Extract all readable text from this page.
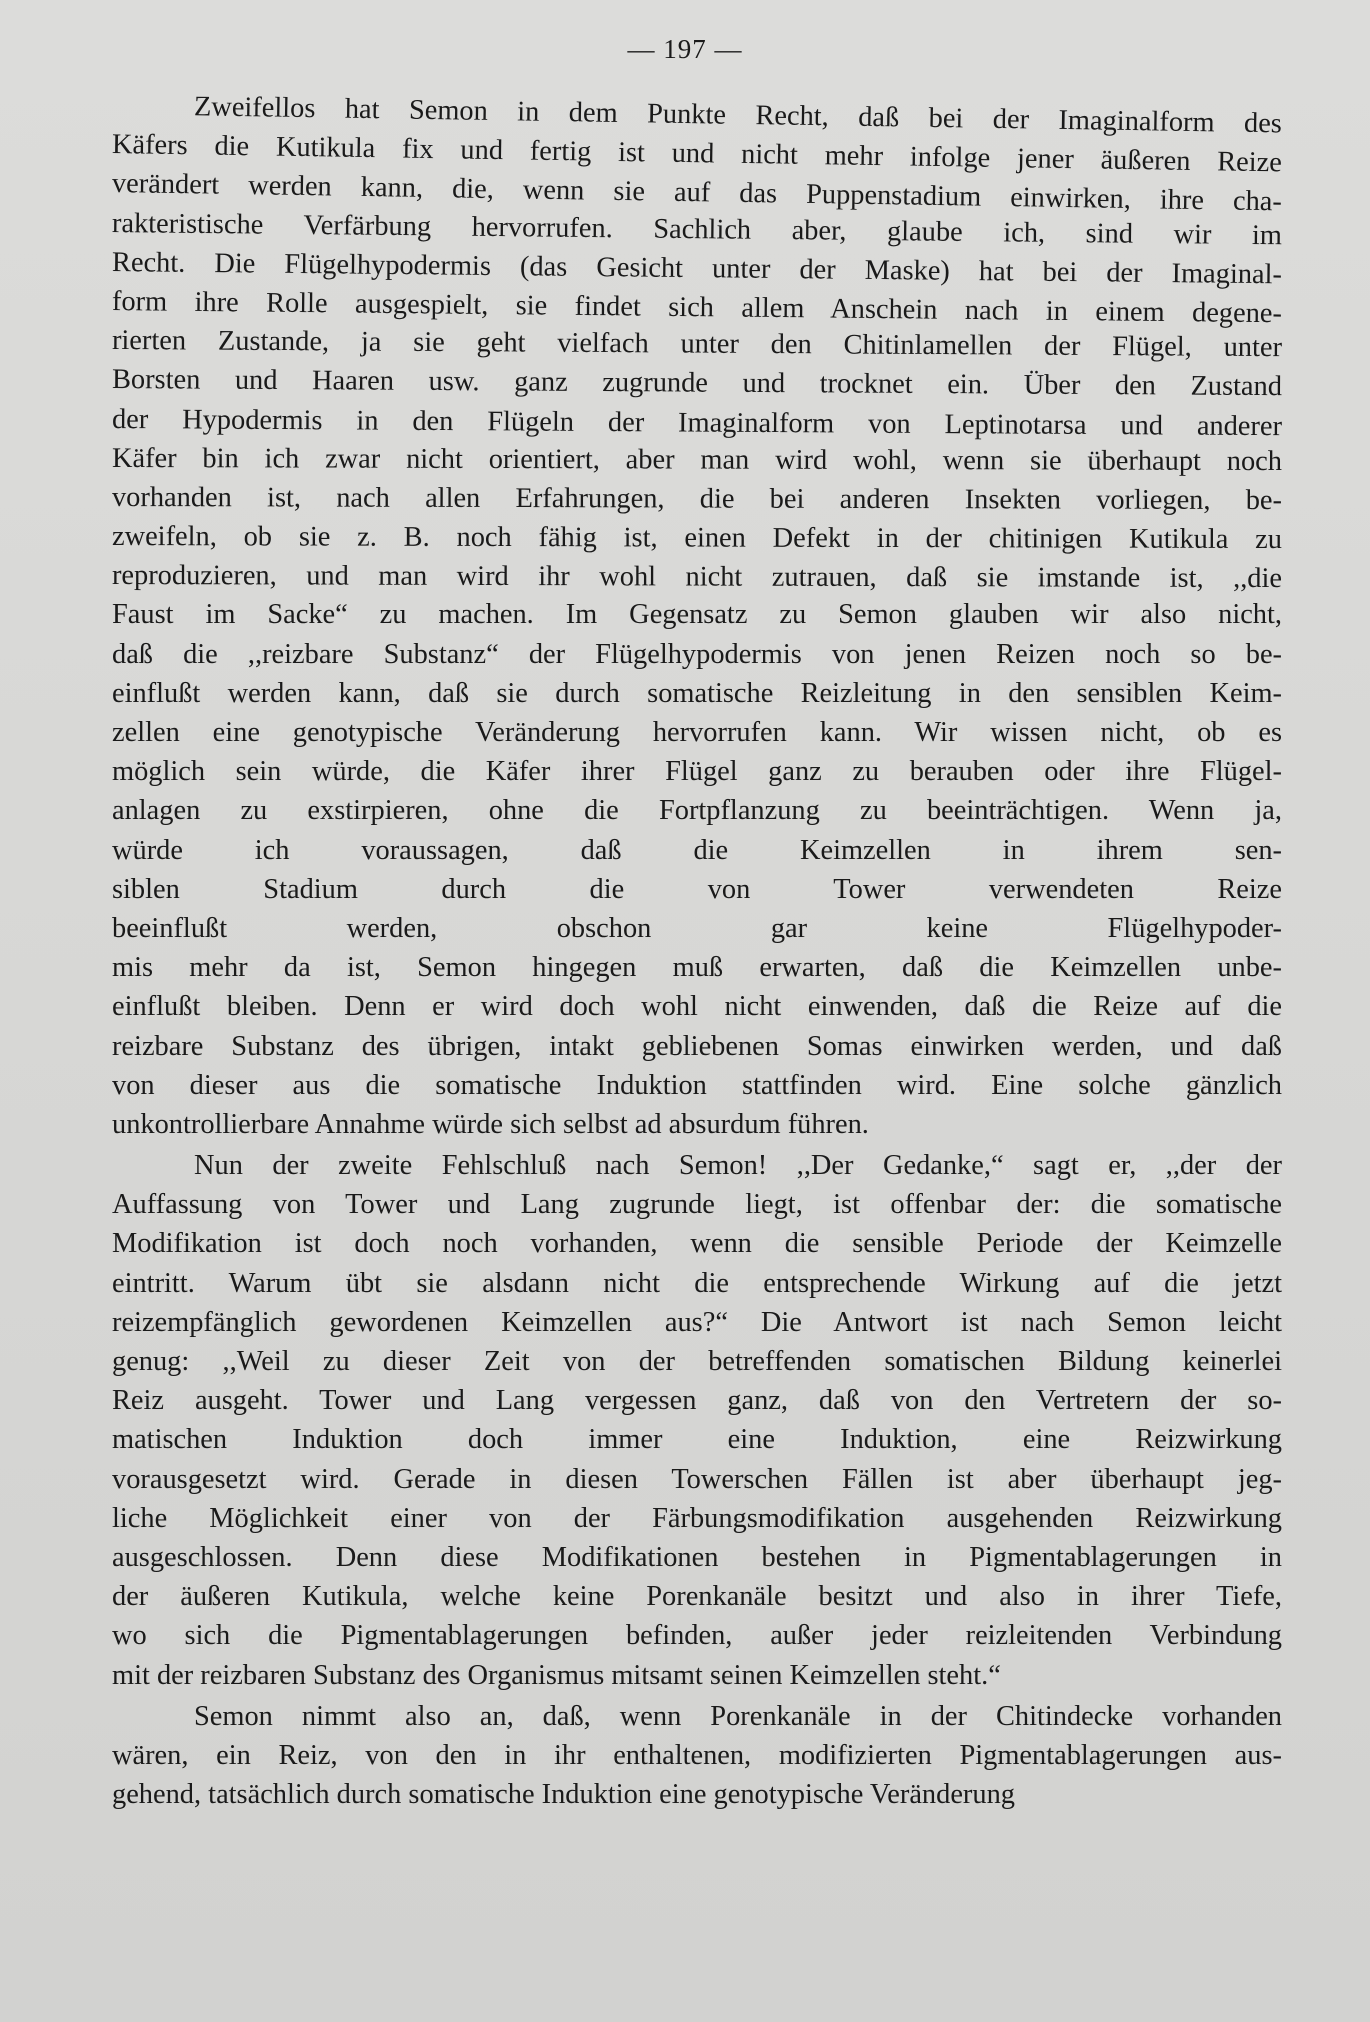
— 197 —
Zweifellos hat Semon in dem Punkte Recht, daß bei der Imaginalform des
Käfers die Kutikula fix und fertig ist und nicht mehr infolge jener äußeren Reize
verändert werden kann, die, wenn sie auf das Puppenstadium einwirken, ihre cha-
rakteristische Verfärbung hervorrufen. Sachlich aber, glaube ich, sind wir im
Recht. Die Flügelhypodermis (das Gesicht unter der Maske) hat bei der Imaginal-
form ihre Rolle ausgespielt, sie findet sich allem Anschein nach in einem degene-
rierten Zustande, ja sie geht vielfach unter den Chitinlamellen der Flügel, unter
Borsten und Haaren usw. ganz zugrunde und trocknet ein. Über den Zustand
der Hypodermis in den Flügeln der Imaginalform von Leptinotarsa und anderer
Käfer bin ich zwar nicht orientiert, aber man wird wohl, wenn sie überhaupt noch
vorhanden ist, nach allen Erfahrungen, die bei anderen Insekten vorliegen, be-
zweifeln, ob sie z. B. noch fähig ist, einen Defekt in der chitinigen Kutikula zu
reproduzieren, und man wird ihr wohl nicht zutrauen, daß sie imstande ist, ,,die
Faust im Sacke“ zu machen. Im Gegensatz zu Semon glauben wir also nicht,
daß die ,,reizbare Substanz“ der Flügelhypodermis von jenen Reizen noch so be-
einflußt werden kann, daß sie durch somatische Reizleitung in den sensiblen Keim-
zellen eine genotypische Veränderung hervorrufen kann. Wir wissen nicht, ob es
möglich sein würde, die Käfer ihrer Flügel ganz zu berauben oder ihre Flügel-
anlagen zu exstirpieren, ohne die Fortpflanzung zu beeinträchtigen. Wenn ja,
würde ich voraussagen, daß die Keimzellen in ihrem sen-
siblen Stadium durch die von Tower verwendeten Reize
beeinflußt werden, obschon gar keine Flügelhypoder-
mis mehr da ist, Semon hingegen muß erwarten, daß die Keimzellen unbe-
einflußt bleiben. Denn er wird doch wohl nicht einwenden, daß die Reize auf die
reizbare Substanz des übrigen, intakt gebliebenen Somas einwirken werden, und daß
von dieser aus die somatische Induktion stattfinden wird. Eine solche gänzlich
unkontrollierbare Annahme würde sich selbst ad absurdum führen.
Nun der zweite Fehlschluß nach Semon! ,,Der Gedanke,“ sagt er, ,,der der
Auffassung von Tower und Lang zugrunde liegt, ist offenbar der: die somatische
Modifikation ist doch noch vorhanden, wenn die sensible Periode der Keimzelle
eintritt. Warum übt sie alsdann nicht die entsprechende Wirkung auf die jetzt
reizempfänglich gewordenen Keimzellen aus?“ Die Antwort ist nach Semon leicht
genug: ,,Weil zu dieser Zeit von der betreffenden somatischen Bildung keinerlei
Reiz ausgeht. Tower und Lang vergessen ganz, daß von den Vertretern der so-
matischen Induktion doch immer eine Induktion, eine Reizwirkung
vorausgesetzt wird. Gerade in diesen Towerschen Fällen ist aber überhaupt jeg-
liche Möglichkeit einer von der Färbungsmodifikation ausgehenden Reizwirkung
ausgeschlossen. Denn diese Modifikationen bestehen in Pigmentablagerungen in
der äußeren Kutikula, welche keine Porenkanäle besitzt und also in ihrer Tiefe,
wo sich die Pigmentablagerungen befinden, außer jeder reizleitenden Verbindung
mit der reizbaren Substanz des Organismus mitsamt seinen Keimzellen steht.“
Semon nimmt also an, daß, wenn Porenkanäle in der Chitindecke vorhanden
wären, ein Reiz, von den in ihr enthaltenen, modifizierten Pigmentablagerungen aus-
gehend, tatsächlich durch somatische Induktion eine genotypische Veränderung
